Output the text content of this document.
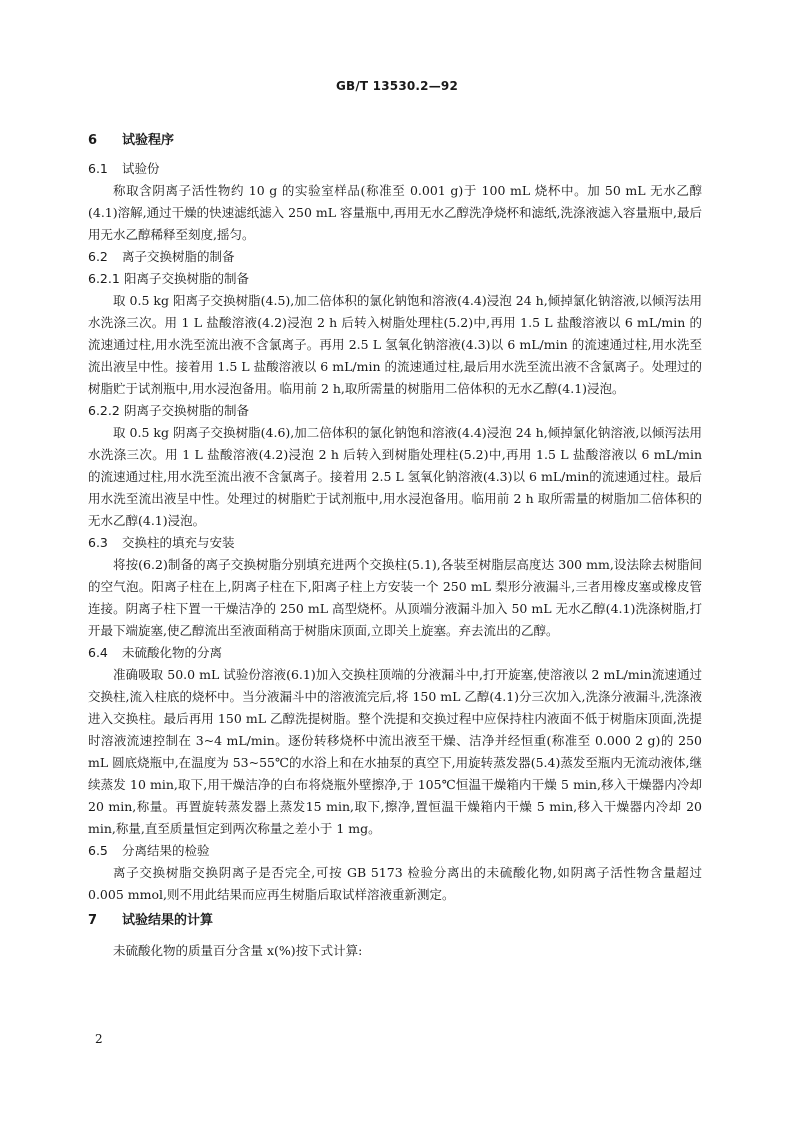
GB/T 13530.2—92
6 试验程序
6.1 试验份

称取含阴离子活性物约 10 g 的实验室样品(称准至 0.001 g)于 100 mL 烧杯中。加 50 mL 无水乙醇(4.1)溶解,通过干燥的快速滤纸滤入 250 mL 容量瓶中,再用无水乙醇洗净烧杯和滤纸,洗涤液滤入容量瓶中,最后用无水乙醇稀释至刻度,摇匀。

6.2 离子交换树脂的制备
6.2.1 阳离子交换树脂的制备

取 0.5 kg 阳离子交换树脂(4.5),加二倍体积的氯化钠饱和溶液(4.4)浸泡 24 h,倾掉氯化钠溶液,以倾泻法用水洗涤三次。用 1 L 盐酸溶液(4.2)浸泡 2 h 后转入树脂处理柱(5.2)中,再用 1.5 L 盐酸溶液以 6 mL/min 的流速通过柱,用水洗至流出液不含氯离子。再用 2.5 L 氢氧化钠溶液(4.3)以 6 mL/min 的流速通过柱,用水洗至流出液呈中性。接着用 1.5 L 盐酸溶液以 6 mL/min 的流速通过柱,最后用水洗至流出液不含氯离子。处理过的树脂贮于试剂瓶中,用水浸泡备用。临用前 2 h,取所需量的树脂用二倍体积的无水乙醇(4.1)浸泡。

6.2.2 阴离子交换树脂的制备

取 0.5 kg 阴离子交换树脂(4.6),加二倍体积的氯化钠饱和溶液(4.4)浸泡 24 h,倾掉氯化钠溶液,以倾泻法用水洗涤三次。用 1 L 盐酸溶液(4.2)浸泡 2 h 后转入到树脂处理柱(5.2)中,再用 1.5 L 盐酸溶液以 6 mL/min 的流速通过柱,用水洗至流出液不含氯离子。接着用 2.5 L 氢氧化钠溶液(4.3)以 6 mL/min的流速通过柱。最后用水洗至流出液呈中性。处理过的树脂贮于试剂瓶中,用水浸泡备用。临用前 2 h 取所需量的树脂加二倍体积的无水乙醇(4.1)浸泡。

6.3 交换柱的填充与安装

将按(6.2)制备的离子交换树脂分别填充进两个交换柱(5.1),各装至树脂层高度达 300 mm,设法除去树脂间的空气泡。阳离子柱在上,阴离子柱在下,阳离子柱上方安装一个 250 mL 梨形分液漏斗,三者用橡皮塞或橡皮管连接。阴离子柱下置一干燥洁净的 250 mL 高型烧杯。从顶端分液漏斗加入 50 mL 无水乙醇(4.1)洗涤树脂,打开最下端旋塞,使乙醇流出至液面稍高于树脂床顶面,立即关上旋塞。弃去流出的乙醇。

6.4 未硫酸化物的分离

准确吸取 50.0 mL 试验份溶液(6.1)加入交换柱顶端的分液漏斗中,打开旋塞,使溶液以 2 mL/min流速通过交换柱,流入柱底的烧杯中。当分液漏斗中的溶液流完后,将 150 mL 乙醇(4.1)分三次加入,洗涤分液漏斗,洗涤液进入交换柱。最后再用 150 mL 乙醇洗提树脂。整个洗提和交换过程中应保持柱内液面不低于树脂床顶面,洗提时溶液流速控制在 3~4 mL/min。逐份转移烧杯中流出液至干燥、洁净并经恒重(称准至 0.000 2 g)的 250 mL 圆底烧瓶中,在温度为 53~55℃的水浴上和在水抽泵的真空下,用旋转蒸发器(5.4)蒸发至瓶内无流动液体,继续蒸发 10 min,取下,用干燥洁净的白布将烧瓶外壁擦净,于 105℃恒温干燥箱内干燥 5 min,移入干燥器内冷却 20 min,称量。再置旋转蒸发器上蒸发15 min,取下,擦净,置恒温干燥箱内干燥 5 min,移入干燥器内冷却 20 min,称量,直至质量恒定到两次称量之差小于 1 mg。

6.5 分离结果的检验

离子交换树脂交换阴离子是否完全,可按 GB 5173 检验分离出的未硫酸化物,如阴离子活性物含量超过 0.005 mmol,则不用此结果而应再生树脂后取试样溶液重新测定。

7 试验结果的计算

未硫酸化物的质量百分含量 x(%)按下式计算:

2
